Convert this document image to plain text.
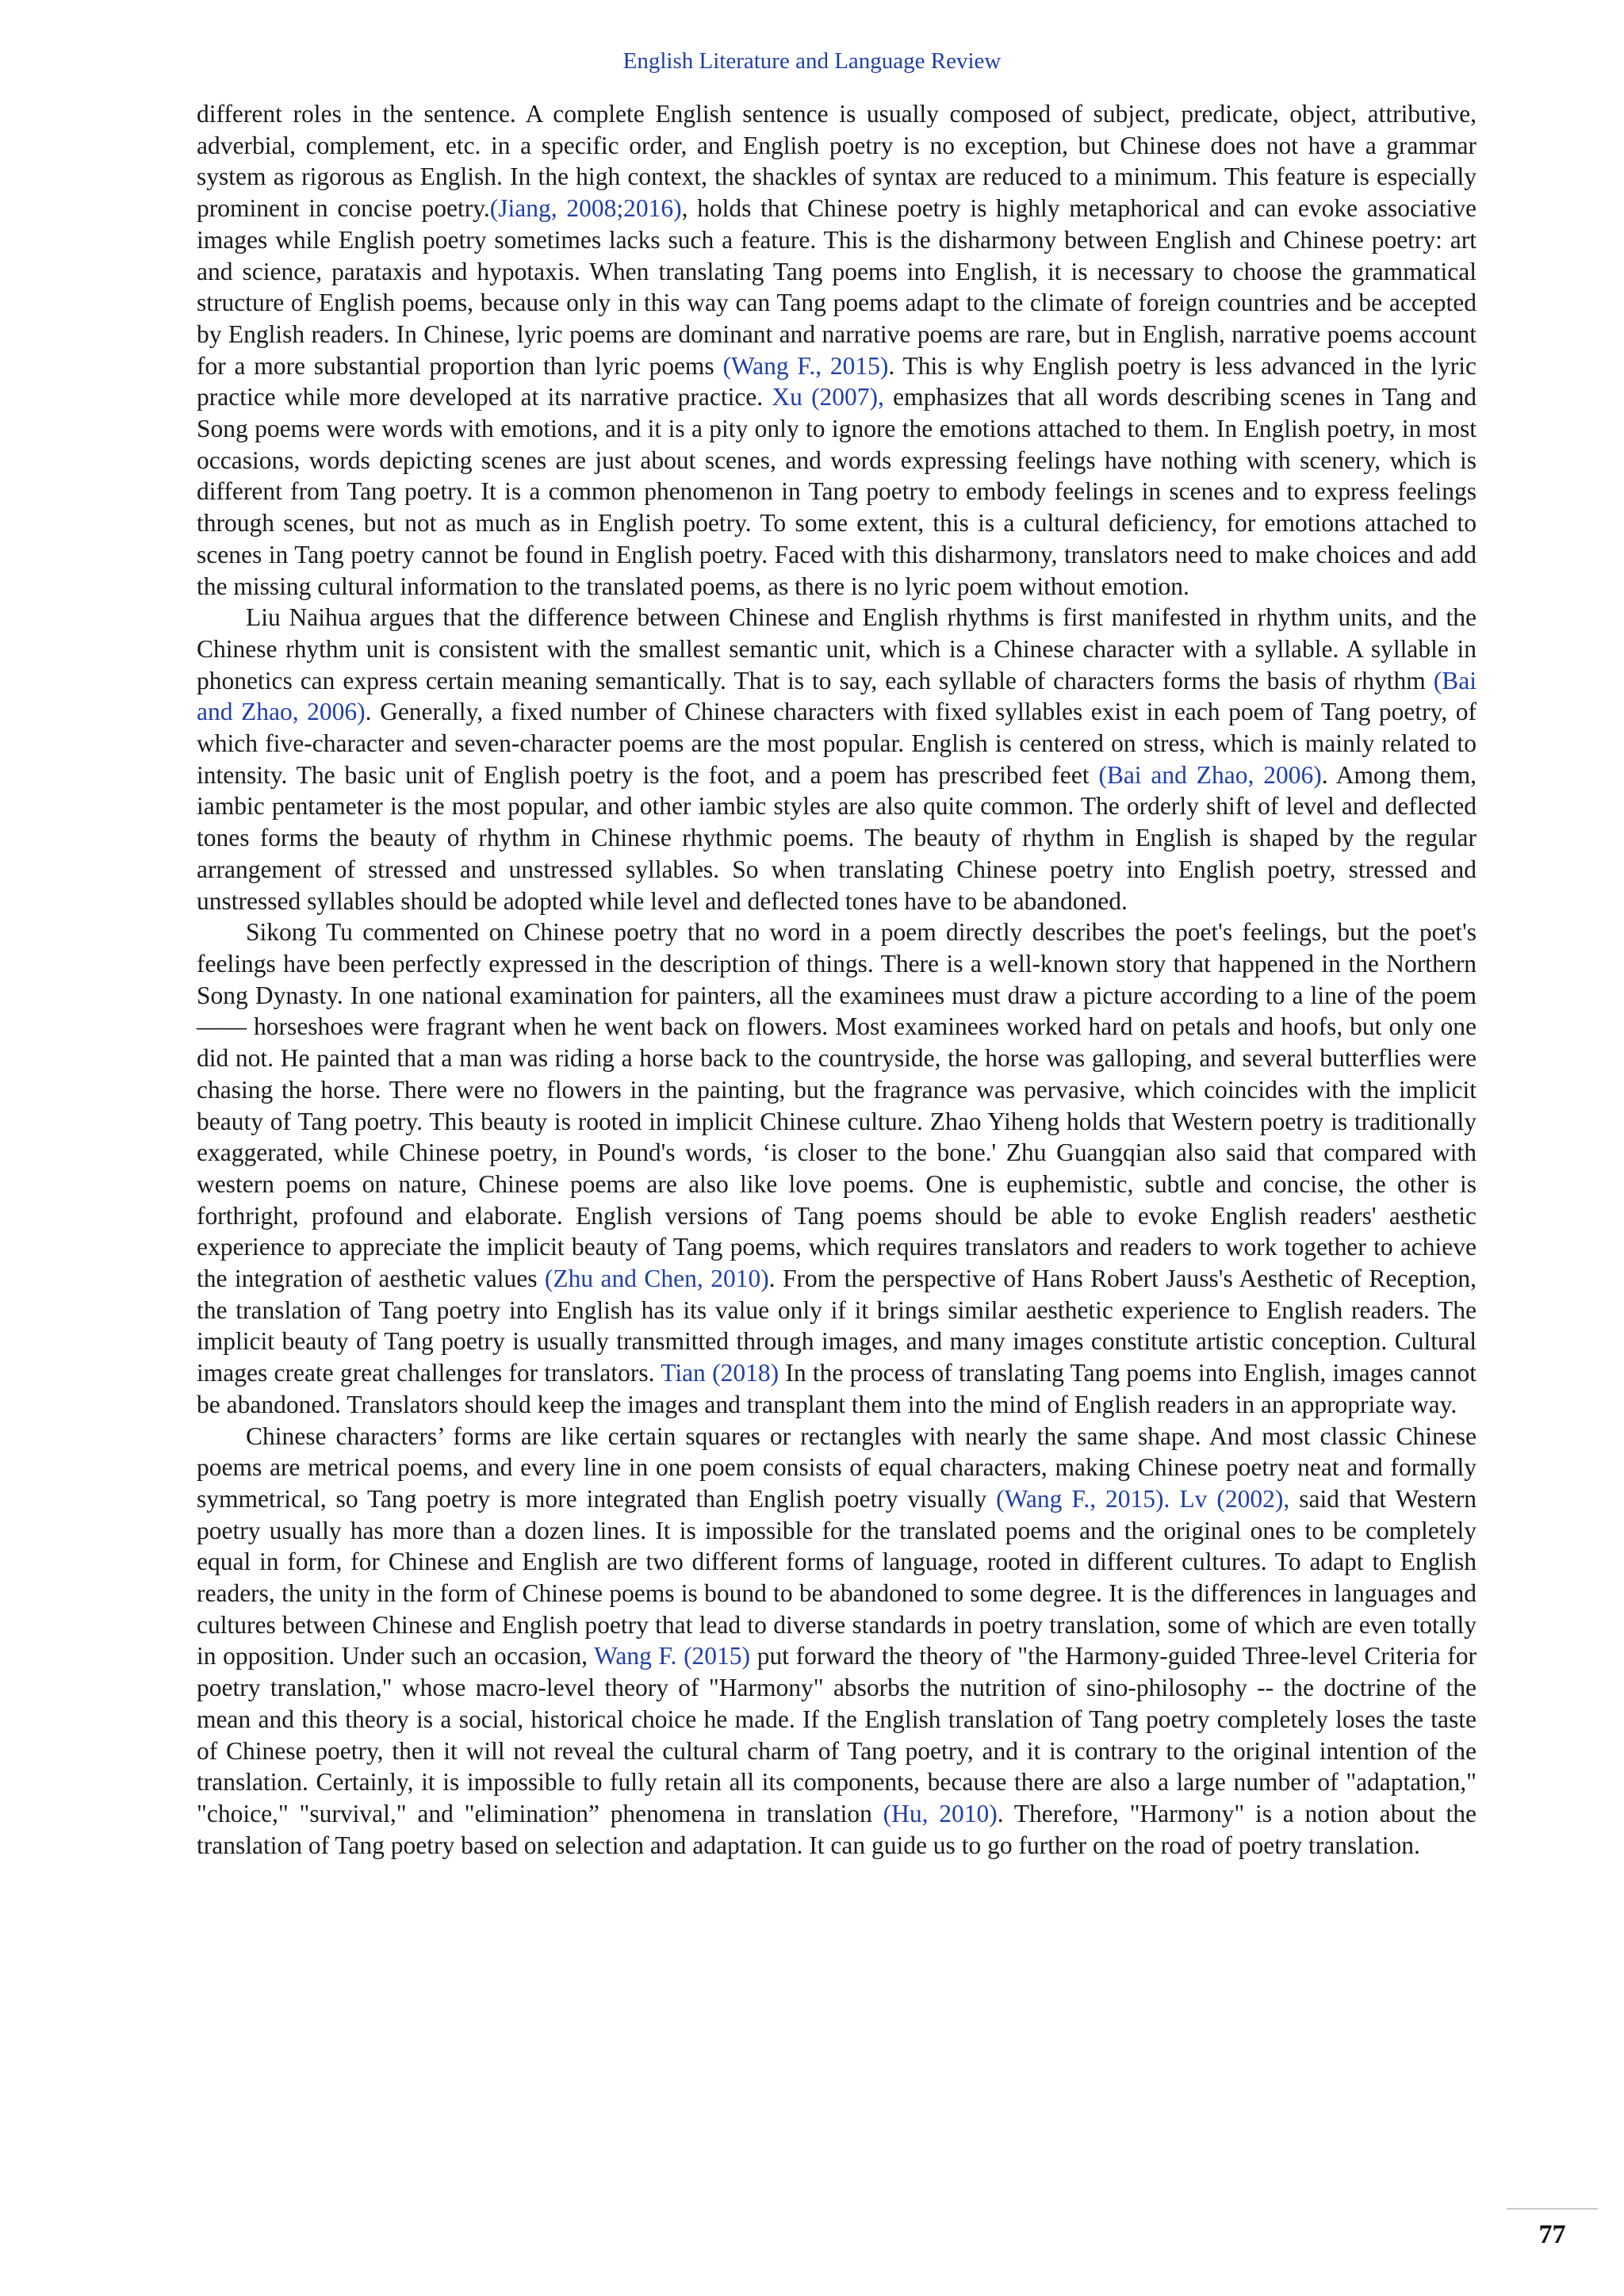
English Literature and Language Review

different roles in the sentence. A complete English sentence is usually composed of subject, predicate, object, attributive, adverbial, complement, etc. in a specific order, and English poetry is no exception, but Chinese does not have a grammar system as rigorous as English. In the high context, the shackles of syntax are reduced to a minimum. This feature is especially prominent in concise poetry.(Jiang, 2008;2016), holds that Chinese poetry is highly metaphorical and can evoke associative images while English poetry sometimes lacks such a feature. This is the disharmony between English and Chinese poetry: art and science, parataxis and hypotaxis. When translating Tang poems into English, it is necessary to choose the grammatical structure of English poems, because only in this way can Tang poems adapt to the climate of foreign countries and be accepted by English readers. In Chinese, lyric poems are dominant and narrative poems are rare, but in English, narrative poems account for a more substantial proportion than lyric poems (Wang F., 2015). This is why English poetry is less advanced in the lyric practice while more developed at its narrative practice. Xu (2007), emphasizes that all words describing scenes in Tang and Song poems were words with emotions, and it is a pity only to ignore the emotions attached to them. In English poetry, in most occasions, words depicting scenes are just about scenes, and words expressing feelings have nothing with scenery, which is different from Tang poetry. It is a common phenomenon in Tang poetry to embody feelings in scenes and to express feelings through scenes, but not as much as in English poetry. To some extent, this is a cultural deficiency, for emotions attached to scenes in Tang poetry cannot be found in English poetry. Faced with this disharmony, translators need to make choices and add the missing cultural information to the translated poems, as there is no lyric poem without emotion.

Liu Naihua argues that the difference between Chinese and English rhythms is first manifested in rhythm units, and the Chinese rhythm unit is consistent with the smallest semantic unit, which is a Chinese character with a syllable. A syllable in phonetics can express certain meaning semantically. That is to say, each syllable of characters forms the basis of rhythm (Bai and Zhao, 2006). Generally, a fixed number of Chinese characters with fixed syllables exist in each poem of Tang poetry, of which five-character and seven-character poems are the most popular. English is centered on stress, which is mainly related to intensity. The basic unit of English poetry is the foot, and a poem has prescribed feet (Bai and Zhao, 2006). Among them, iambic pentameter is the most popular, and other iambic styles are also quite common. The orderly shift of level and deflected tones forms the beauty of rhythm in Chinese rhythmic poems. The beauty of rhythm in English is shaped by the regular arrangement of stressed and unstressed syllables. So when translating Chinese poetry into English poetry, stressed and unstressed syllables should be adopted while level and deflected tones have to be abandoned.

Sikong Tu commented on Chinese poetry that no word in a poem directly describes the poet's feelings, but the poet's feelings have been perfectly expressed in the description of things. There is a well-known story that happened in the Northern Song Dynasty. In one national examination for painters, all the examinees must draw a picture according to a line of the poem—— horseshoes were fragrant when he went back on flowers. Most examinees worked hard on petals and hoofs, but only one did not. He painted that a man was riding a horse back to the countryside, the horse was galloping, and several butterflies were chasing the horse. There were no flowers in the painting, but the fragrance was pervasive, which coincides with the implicit beauty of Tang poetry. This beauty is rooted in implicit Chinese culture. Zhao Yiheng holds that Western poetry is traditionally exaggerated, while Chinese poetry, in Pound's words, ‘is closer to the bone.' Zhu Guangqian also said that compared with western poems on nature, Chinese poems are also like love poems. One is euphemistic, subtle and concise, the other is forthright, profound and elaborate. English versions of Tang poems should be able to evoke English readers' aesthetic experience to appreciate the implicit beauty of Tang poems, which requires translators and readers to work together to achieve the integration of aesthetic values (Zhu and Chen, 2010). From the perspective of Hans Robert Jauss's Aesthetic of Reception, the translation of Tang poetry into English has its value only if it brings similar aesthetic experience to English readers. The implicit beauty of Tang poetry is usually transmitted through images, and many images constitute artistic conception. Cultural images create great challenges for translators. Tian (2018) In the process of translating Tang poems into English, images cannot be abandoned. Translators should keep the images and transplant them into the mind of English readers in an appropriate way.

Chinese characters’ forms are like certain squares or rectangles with nearly the same shape. And most classic Chinese poems are metrical poems, and every line in one poem consists of equal characters, making Chinese poetry neat and formally symmetrical, so Tang poetry is more integrated than English poetry visually (Wang F., 2015). Lv (2002), said that Western poetry usually has more than a dozen lines. It is impossible for the translated poems and the original ones to be completely equal in form, for Chinese and English are two different forms of language, rooted in different cultures. To adapt to English readers, the unity in the form of Chinese poems is bound to be abandoned to some degree. It is the differences in languages and cultures between Chinese and English poetry that lead to diverse standards in poetry translation, some of which are even totally in opposition. Under such an occasion, Wang F. (2015) put forward the theory of "the Harmony-guided Three-level Criteria for poetry translation," whose macro-level theory of "Harmony" absorbs the nutrition of sino-philosophy -- the doctrine of the mean and this theory is a social, historical choice he made. If the English translation of Tang poetry completely loses the taste of Chinese poetry, then it will not reveal the cultural charm of Tang poetry, and it is contrary to the original intention of the translation. Certainly, it is impossible to fully retain all its components, because there are also a large number of "adaptation," "choice," "survival," and "elimination” phenomena in translation (Hu, 2010). Therefore, "Harmony" is a notion about the translation of Tang poetry based on selection and adaptation. It can guide us to go further on the road of poetry translation.

77
